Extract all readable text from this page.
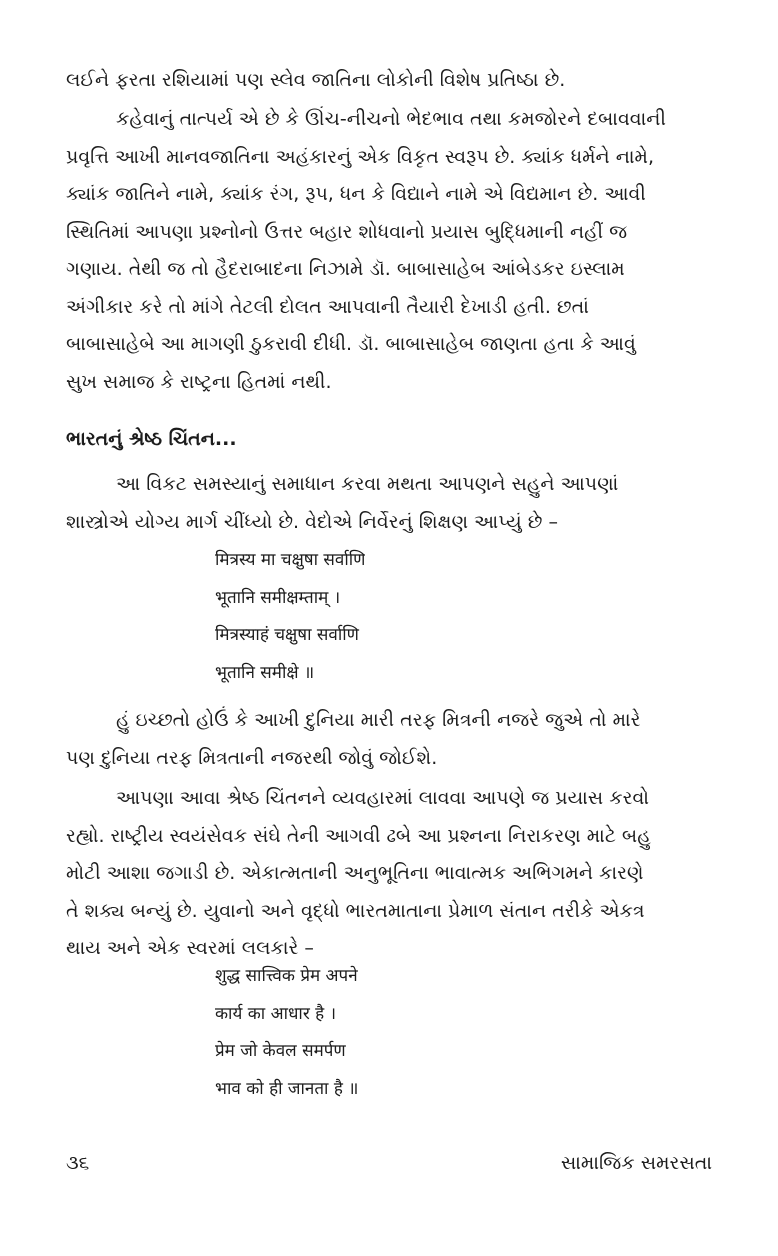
લઈને ફરતા રશિયામાં પણ સ્લેવ જાતિના લોકોની વિશેષ પ્રતિષ્ઠા છે.
કહેવાનું તાત્પર્ય એ છે કે ઊંચ-નીચનો ભેદભાવ તથા કમજોરને દબાવવાની
પ્રવૃત્તિ આખી માનવજાતિના અહંકારનું એક વિકૃત સ્વરૂપ છે. ક્યાંક ધર્મને નામે,
ક્યાંક જાતિને નામે, ક્યાંક રંગ, રૂપ, ધન કે વિદ્યાને નામે એ વિદ્યમાન છે. આવી
સ્થિતિમાં આપણા પ્રશ્નોનો ઉત્તર બહાર શોધવાનો પ્રયાસ બુદ્ધિમાની નહીં જ
ગણાય. તેથી જ તો હૈદરાબાદના નિઝામે ડૉ. બાબાસાહેબ આંબેડકર ઇસ્લામ
અંગીકાર કરે તો માંગે તેટલી દોલત આપવાની તૈયારી દેખાડી હતી. છતાં
બાબાસાહેબે આ માગણી ઠુકરાવી દીધી. ડૉ. બાબાસાહેબ જાણતા હતા કે આવું
સુખ સમાજ કે રાષ્ટ્રના હિતમાં નથી.
ભારતનું શ્રેષ્ઠ ચિંતન...
આ વિકટ સમસ્યાનું સમાધાન કરવા મથતા આપણને સહુને આપણાં
શાસ્ત્રોએ યોગ્ય માર્ગ ચીંધ્યો છે. વેદોએ નિર્વેરનું શિક્ષણ આપ્યું છે –
मित्रस्य मा चक्षुषा सर्वाणि
भूतानि समीक्षम्ताम् ।
मित्रस्याहं चक्षुषा सर्वाणि
भूतानि समीक्षे ॥
હું ઇચ્છતો હોઉં કે આખી દુનિયા મારી તરફ મિત્રની નજરે જુએ તો મારે
પણ દુનિયા તરફ મિત્રતાની નજરથી જોવું જોઈશે.
આપણા આવા શ્રેષ્ઠ ચિંતનને વ્યવહારમાં લાવવા આપણે જ પ્રયાસ કરવો
રહ્યો. રાષ્ટ્રીય સ્વયંસેવક સંઘે તેની આગવી ઢબે આ પ્રશ્નના નિરાકરણ માટે બહુ
મોટી આશા જગાડી છે. એકાત્મતાની અનુભૂતિના ભાવાત્મક અભિગમને કારણે
તે શક્ય બન્યું છે. યુવાનો અને વૃદ્ધો ભારતમાતાના પ્રેમાળ સંતાન તરીકે એકત્ર
થાય અને એક સ્વરમાં લલકારે –
शुद्ध सात्त्विक प्रेम अपने
कार्य का आधार है ।
प्रेम जो केवल समर्पण
भाव को ही जानता है ॥
૩૬	સામાજિક સમરસતા
